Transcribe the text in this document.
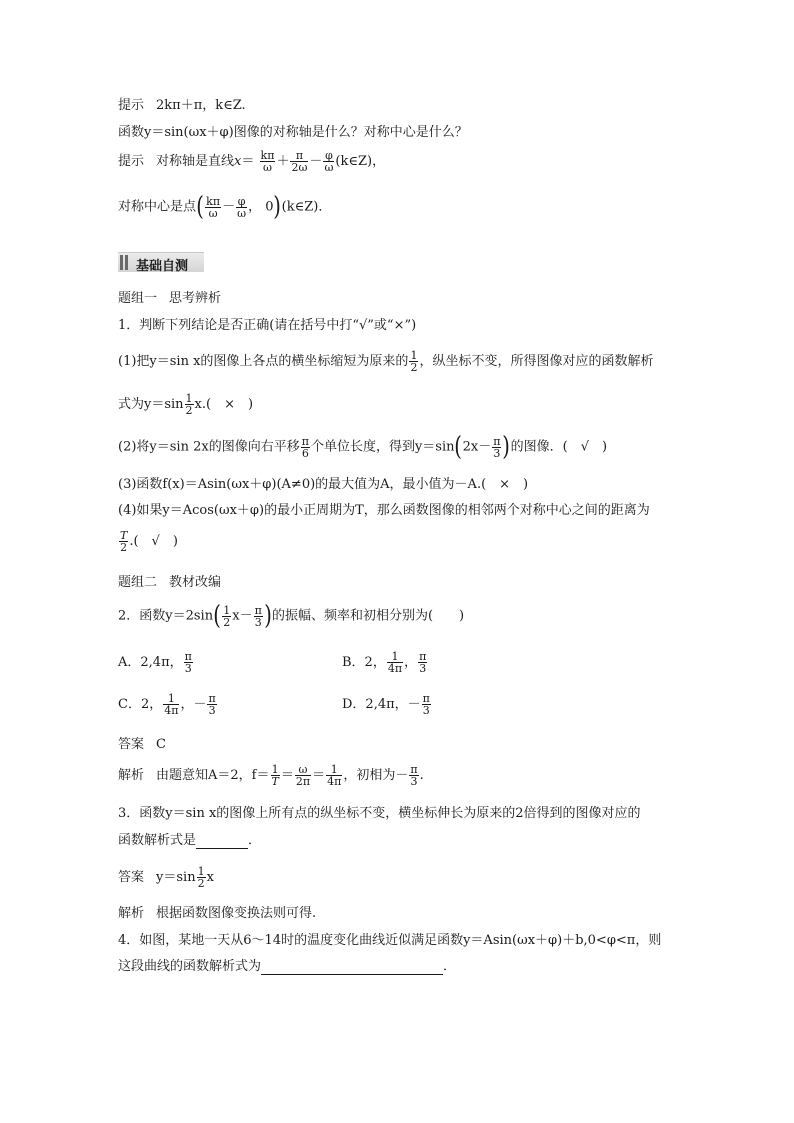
提示 2kπ＋π，k∈Z.
函数y＝sin(ωx＋φ)图像的对称轴是什么？对称中心是什么？
提示 对称轴是直线$x= \frac{k\pi}{\omega} + \frac{\pi}{2\omega} - \frac{\varphi}{\omega}$ (k∈Z)，
对称中心是点( $\frac{k\pi}{\omega} - \frac{\varphi}{\omega}$ ， 0)(k∈Z)．
基础自测
题组一 思考辨析
1．判断下列结论是否正确(请在括号中打“√”或“×”)
(1)把y＝sin x的图像上各点的横坐标缩短为原来的 $\frac{1}{2}$ ，纵坐标不变，所得图像对应的函数解析
式为$y=\sin \frac{1}{2} x$.(　×　)
(2)将y＝sin 2x的图像向右平移 $\frac{\pi}{6}$ 个单位长度，得到$y=\sin(2x- \frac{\pi}{3}$ )的图像．(　√　)
(3)函数f(x)＝Asin(ωx＋φ)(A≠0)的最大值为A，最小值为－A.(　×　)
(4)如果y＝Acos(ωx＋φ)的最小正周期为T，那么函数图像的相邻两个对称中心之间的距离为
$\frac{T}{2}$ .(　√　)
题组二 教材改编
2．函数$y=2\sin( \frac{1}{2} x- \frac{\pi}{3}$ )的振幅、频率和初相分别为(　　)
A．2,4π， $\frac{\pi}{3}$	B．2， $\frac{1}{4\pi}$ ， $\frac{\pi}{3}$
C．2， $\frac{1}{4\pi}$ ，－ $\frac{\pi}{3}$	D．2,4π，－ $\frac{\pi}{3}$
答案 C
解析 由题意知A＝2，$f= \frac{1}{T} = \frac{\omega}{2\pi} = \frac{1}{4\pi}$ ，初相为－ $\frac{\pi}{3}$ .
3．函数y＝sin x的图像上所有点的纵坐标不变，横坐标伸长为原来的2倍得到的图像对应的
函数解析式是	．
答案 $y=\sin \frac{1}{2}$ x
解析 根据函数图像变换法则可得.
4．如图，某地一天从6～14时的温度变化曲线近似满足函数y＝Asin(ωx＋φ)＋b,0<φ<π，则
这段曲线的函数解析式为	．
